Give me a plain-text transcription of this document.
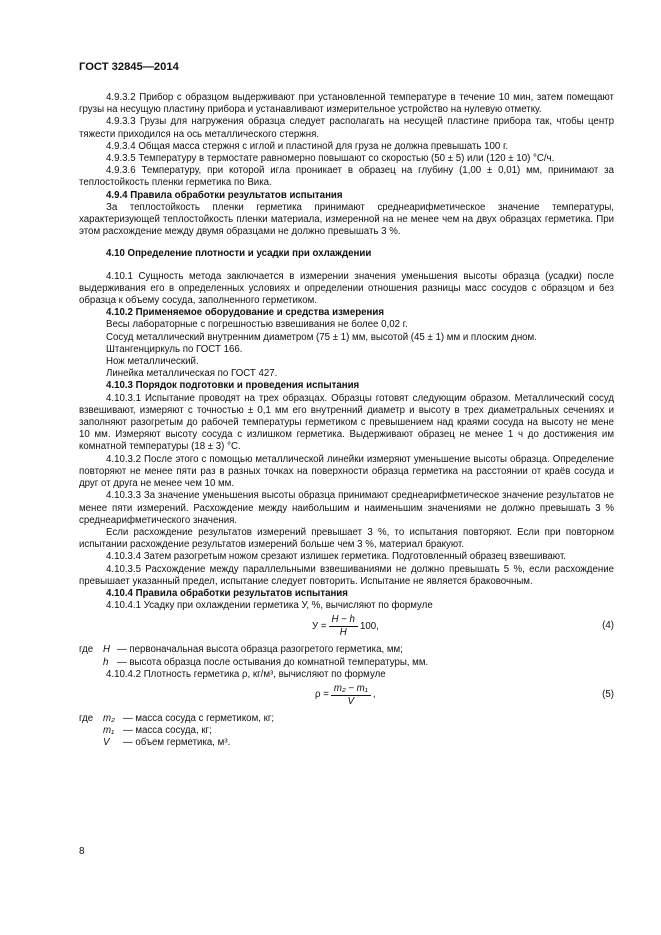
ГОСТ 32845—2014

4.9.3.2 Прибор с образцом выдерживают при установленной температуре в течение 10 мин, затем помещают грузы на несущую пластину прибора и устанавливают измерительное устройство на нулевую отметку.

4.9.3.3 Грузы для нагружения образца следует располагать на несущей пластине прибора так, чтобы центр тяжести приходился на ось металлического стержня.

4.9.3.4 Общая масса стержня с иглой и пластиной для груза не должна превышать 100 г.

4.9.3.5 Температуру в термостате равномерно повышают со скоростью (50 ± 5) или (120 ± 10) °С/ч.

4.9.3.6 Температуру, при которой игла проникает в образец на глубину (1,00 ± 0,01) мм, принимают за теплостойкость пленки герметика по Вика.

4.9.4 Правила обработки результатов испытания

За теплостойкость пленки герметика принимают среднеарифметическое значение температуры, характеризующей теплостойкость пленки материала, измеренной на не менее чем на двух образцах герметика. При этом расхождение между двумя образцами не должно превышать 3 %.

4.10 Определение плотности и усадки при охлаждении

4.10.1 Сущность метода заключается в измерении значения уменьшения высоты образца (усадки) после выдерживания его в определенных условиях и определении отношения разницы масс сосудов с образцом и без образца к объему сосуда, заполненного герметиком.

4.10.2 Применяемое оборудование и средства измерения

Весы лабораторные с погрешностью взвешивания не более 0,02 г.

Сосуд металлический внутренним диаметром (75 ± 1) мм, высотой (45 ± 1) мм и плоским дном.

Штангенциркуль по ГОСТ 166.

Нож металлический.

Линейка металлическая по ГОСТ 427.

4.10.3 Порядок подготовки и проведения испытания

4.10.3.1 Испытание проводят на трех образцах. Образцы готовят следующим образом. Металлический сосуд взвешивают, измеряют с точностью ± 0,1 мм его внутренний диаметр и высоту в трех диаметральных сечениях и заполняют разогретым до рабочей температуры герметиком с превышением над краями сосуда на высоту не мене 10 мм. Измеряют высоту сосуда с излишком герметика. Выдерживают образец не менее 1 ч до достижения им комнатной температуры (18 ± 3) °С.

4.10.3.2 После этого с помощью металлической линейки измеряют уменьшение высоты образца. Определение повторяют не менее пяти раз в разных точках на поверхности образца герметика на расстоянии от краёв сосуда и друг от друга не менее чем 10 мм.

4.10.3.3 За значение уменьшения высоты образца принимают среднеарифметическое значение результатов не менее пяти измерений. Расхождение между наибольшим и наименьшим значениями не должно превышать 3 % среднеарифметического значения.

Если расхождение результатов измерений превышает 3 %, то испытания повторяют. Если при повторном испытании расхождение результатов измерений больше чем 3 %, материал бракуют.

4.10.3.4 Затем разогретым ножом срезают излишек герметика. Подготовленный образец взвешивают.

4.10.3.5 Расхождение между параллельными взвешиваниями не должно превышать 5 %, если расхождение превышает указанный предел, испытание следует повторить. Испытание не является браковочным.

4.10.4 Правила обработки результатов испытания

4.10.4.1 Усадку при охлаждении герметика У, %, вычисляют по формуле

$У = \frac{H - h}{H} 100$,	(4)
где	H — первоначальная высота образца разогретого герметика, мм;
h — высота образца после остывания до комнатной температуры, мм.

4.10.4.2 Плотность герметика ρ, кг/м³, вычисляют по формуле

$\rho = \frac{\text{m₂ − m₁}}{V}$ ,	(5)
где	m₂ — масса сосуда с герметиком, кг;
m₁ — масса сосуда, кг;
V	— объем герметика, м³.
8
